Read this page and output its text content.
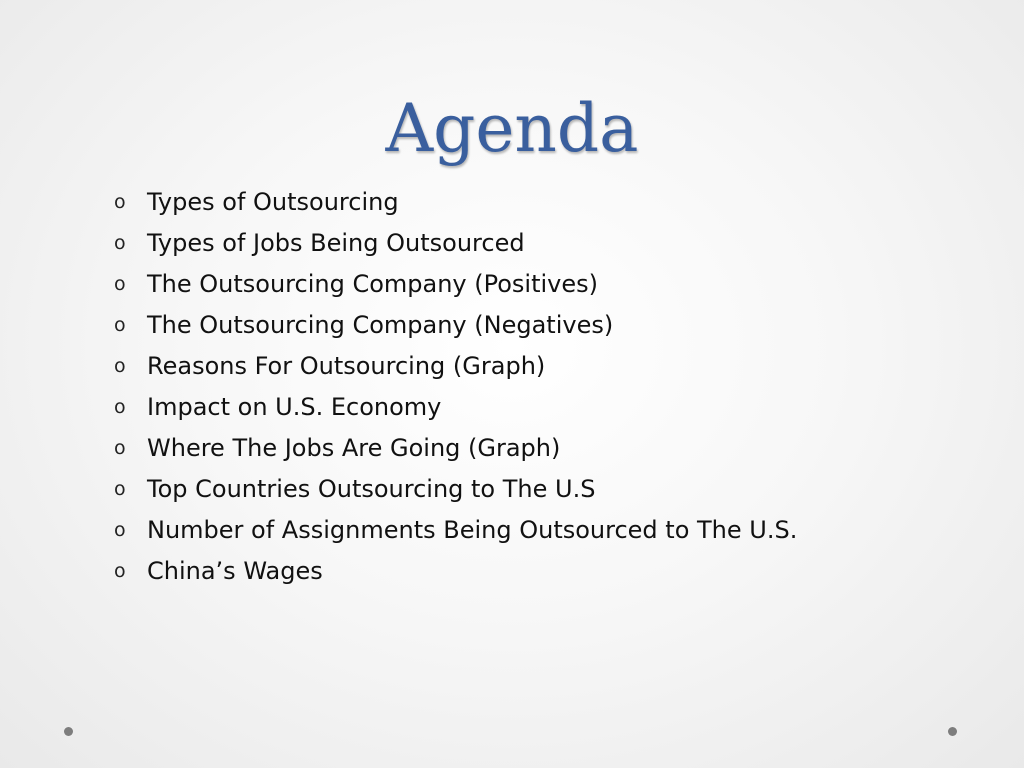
Agenda
o Types of Outsourcing
o Types of Jobs Being Outsourced
o The Outsourcing Company (Positives)
o The Outsourcing Company (Negatives)
o Reasons For Outsourcing (Graph)
o Impact on U.S. Economy
o Where The Jobs Are Going (Graph)
o Top Countries Outsourcing to The U.S
o Number of Assignments Being Outsourced to The U.S.
o China’s Wages
